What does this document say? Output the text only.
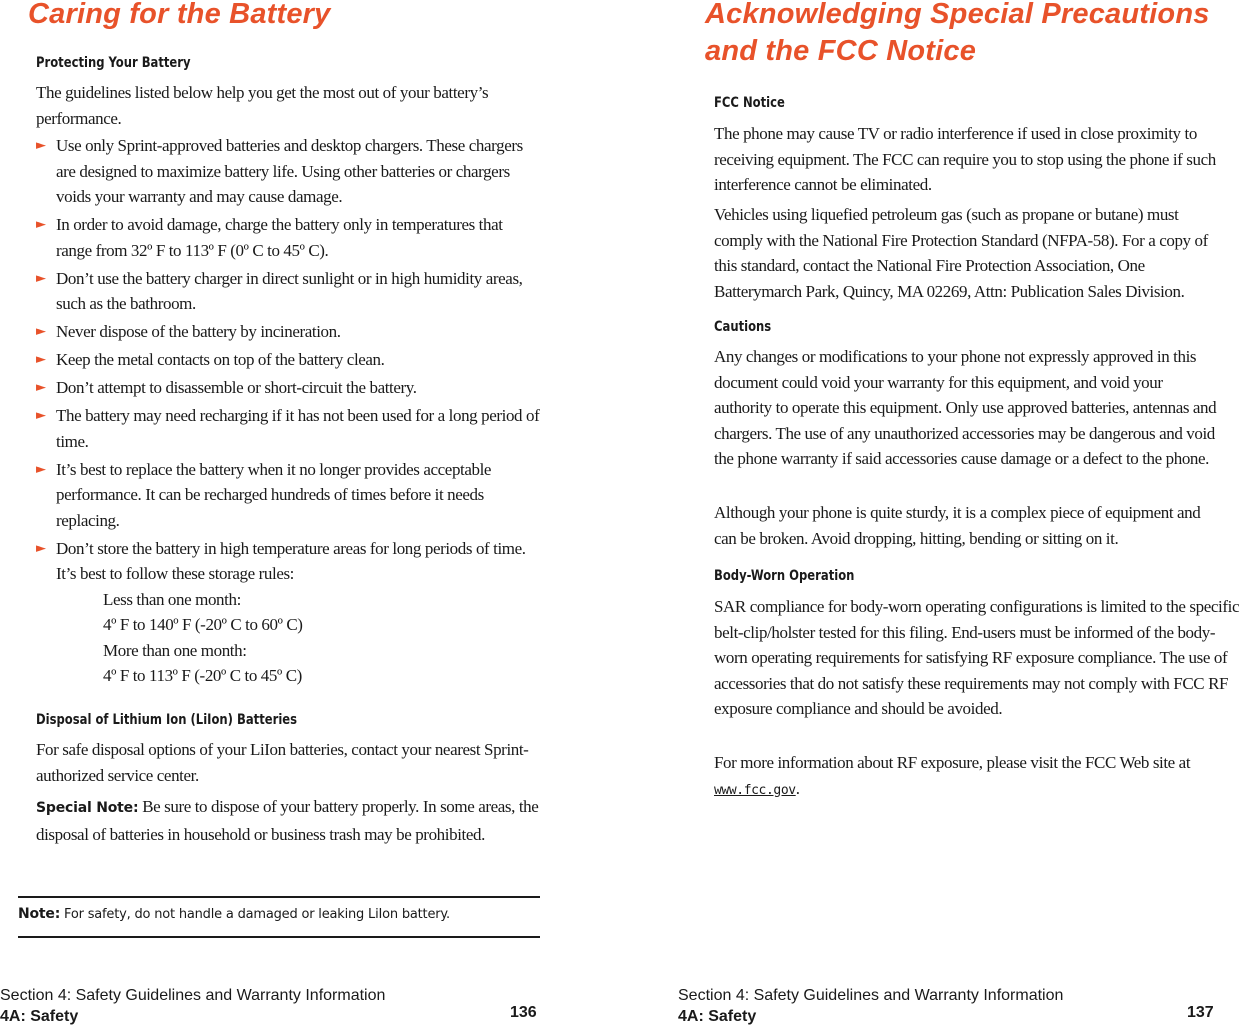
Caring for the Battery
Protecting Your Battery

The guidelines listed below help you get the most out of your battery’s performance.

► Use only Sprint-approved batteries and desktop chargers. These chargers are designed to maximize battery life. Using other batteries or chargers voids your warranty and may cause damage.
► In order to avoid damage, charge the battery only in temperatures that range from 32º F to 113º F (0º C to 45º C).
► Don’t use the battery charger in direct sunlight or in high humidity areas, such as the bathroom.
► Never dispose of the battery by incineration.
► Keep the metal contacts on top of the battery clean.
► Don’t attempt to disassemble or short-circuit the battery.
► The battery may need recharging if it has not been used for a long period of time.
► It’s best to replace the battery when it no longer provides acceptable performance. It can be recharged hundreds of times before it needs replacing.
► Don’t store the battery in high temperature areas for long periods of time. It’s best to follow these storage rules:
Less than one month:
4º F to 140º F (-20º C to 60º C)
More than one month:
4º F to 113º F (-20º C to 45º C)
Disposal of Lithium Ion (LiIon) Batteries

For safe disposal options of your LiIon batteries, contact your nearest Sprint-authorized service center.

Special Note: Be sure to dispose of your battery properly. In some areas, the disposal of batteries in household or business trash may be prohibited.

Note: For safety, do not handle a damaged or leaking LiIon battery.
Section 4: Safety Guidelines and Warranty Information
4A: Safety	136
Acknowledging Special Precautions
and the FCC Notice
FCC Notice

The phone may cause TV or radio interference if used in close proximity to receiving equipment. The FCC can require you to stop using the phone if such interference cannot be eliminated.

Vehicles using liquefied petroleum gas (such as propane or butane) must comply with the National Fire Protection Standard (NFPA-58). For a copy of this standard, contact the National Fire Protection Association, One Batterymarch Park, Quincy, MA 02269, Attn: Publication Sales Division.

Cautions

Any changes or modifications to your phone not expressly approved in this document could void your warranty for this equipment, and void your authority to operate this equipment. Only use approved batteries, antennas and chargers. The use of any unauthorized accessories may be dangerous and void the phone warranty if said accessories cause damage or a defect to the phone.

Although your phone is quite sturdy, it is a complex piece of equipment and can be broken. Avoid dropping, hitting, bending or sitting on it.

Body-Worn Operation

SAR compliance for body-worn operating configurations is limited to the specific belt-clip/holster tested for this filing. End-users must be informed of the body-worn operating requirements for satisfying RF exposure compliance. The use of accessories that do not satisfy these requirements may not comply with FCC RF exposure compliance and should be avoided.

For more information about RF exposure, please visit the FCC Web site at www.fcc.gov.

Section 4: Safety Guidelines and Warranty Information
4A: Safety	137
